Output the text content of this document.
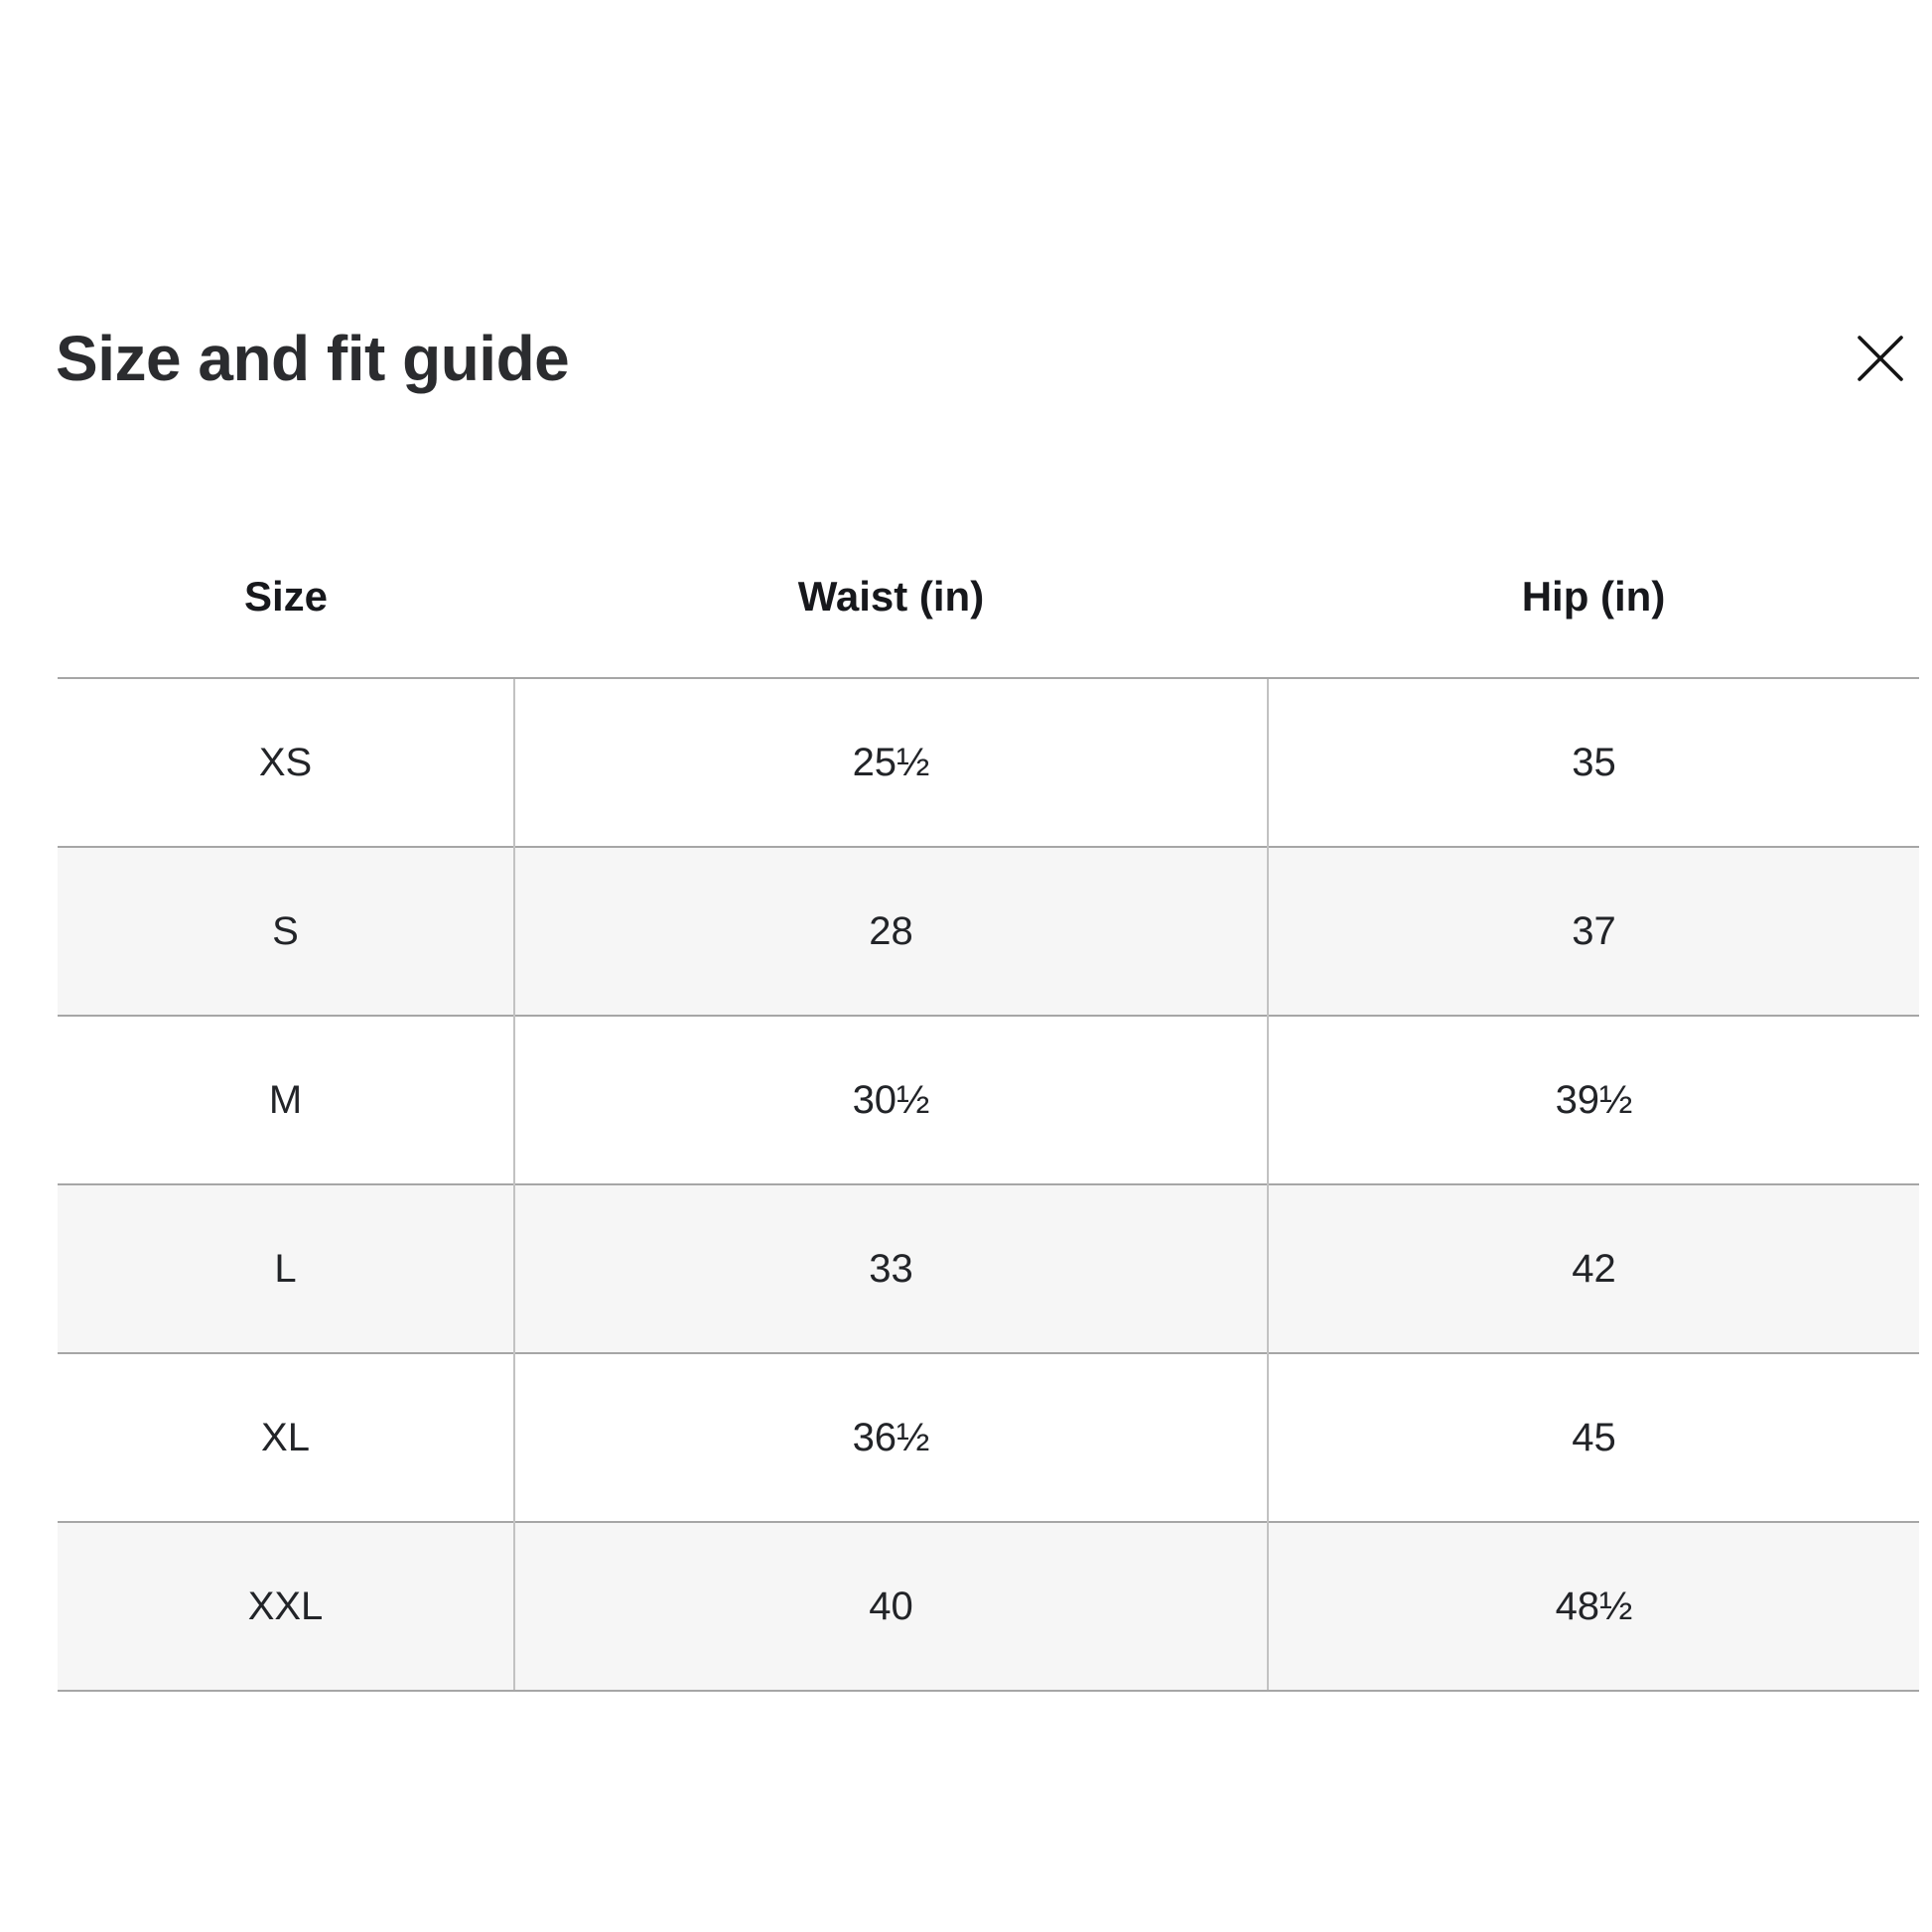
Size and fit guide
Size	Waist (in)	Hip (in)
XS	25½	35
S	28	37
M	30½	39½
L	33	42
XL	36½	45
XXL	40	48½
